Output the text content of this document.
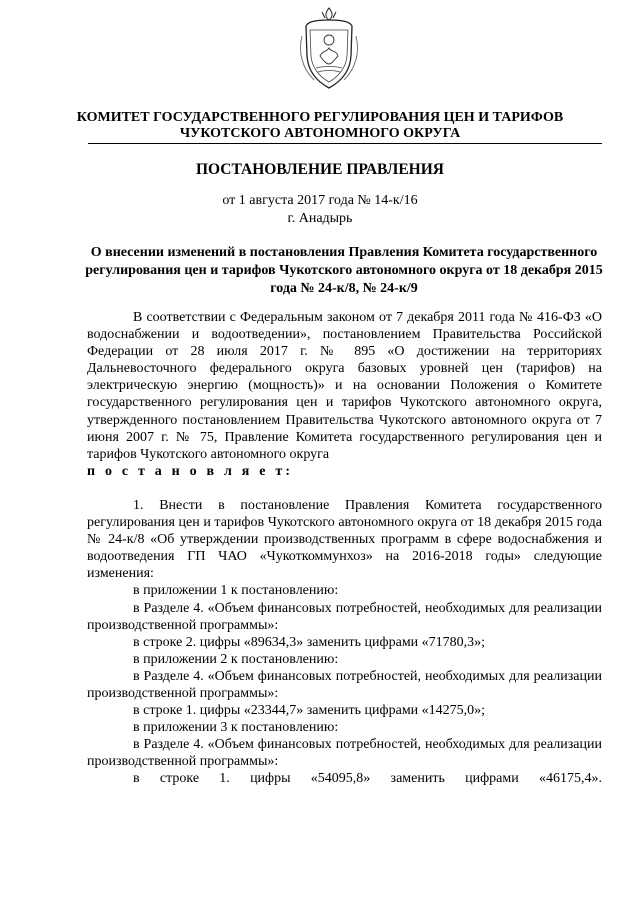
КОМИТЕТ ГОСУДАРСТВЕННОГО РЕГУЛИРОВАНИЯ ЦЕН И ТАРИФОВ

ЧУКОТСКОГО АВТОНОМНОГО ОКРУГА

ПОСТАНОВЛЕНИЕ ПРАВЛЕНИЯ

от 1 августа 2017 года № 14-к/16

г. Анадырь

О внесении изменений в постановления Правления Комитета государственного регулирования цен и тарифов Чукотского автономного округа от 18 декабря 2015 года № 24-к/8, № 24-к/9

В соответствии с Федеральным законом от 7 декабря 2011 года № 416-ФЗ «О водоснабжении и водоотведении», постановлением Правительства Российской Федерации от 28 июля 2017 г. № 895 «О достижении на территориях Дальневосточного федерального округа базовых уровней цен (тарифов) на электрическую энергию (мощность)» и на основании Положения о Комитете государственного регулирования цен и тарифов Чукотского автономного округа, утвержденного постановлением Правительства Чукотского автономного округа от 7 июня 2007 г. № 75, Правление Комитета государственного регулирования цен и тарифов Чукотского автономного округа

п о с т а н о в л я е т:

1. Внести в постановление Правления Комитета государственного регулирования цен и тарифов Чукотского автономного округа от 18 декабря 2015 года № 24-к/8 «Об утверждении производственных программ в сфере водоснабжения и водоотведения ГП ЧАО «Чукоткоммунхоз» на 2016-2018 годы» следующие изменения:

в приложении 1 к постановлению:

в Разделе 4. «Объем финансовых потребностей, необходимых для реализации производственной программы»:

в строке 2. цифры «89634,3» заменить цифрами «71780,3»;

в приложении 2 к постановлению:

в Разделе 4. «Объем финансовых потребностей, необходимых для реализации производственной программы»:

в строке 1. цифры «23344,7» заменить цифрами «14275,0»;

в приложении 3 к постановлению:

в Разделе 4. «Объем финансовых потребностей, необходимых для реализации производственной программы»:

в строке 1. цифры «54095,8» заменить цифрами «46175,4».
